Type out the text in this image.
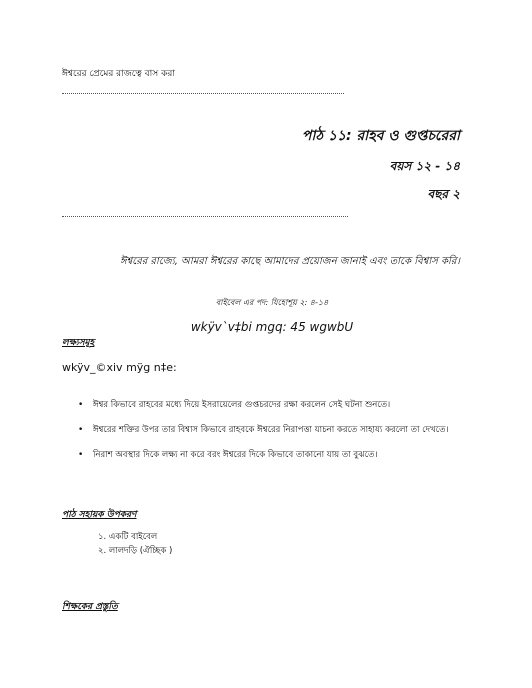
ঈশ্বরের প্রেমের রাজত্বে বাস করা
পাঠ ১১: রাহব ও গুপ্তচরেরা
বয়স ১২ - ১৪
বছর ২
ঈশ্বরের রাজ্যে, আমরা ঈশ্বরের কাছে আমাদের প্রয়োজন জানাই এবং তাকে বিশ্বাস করি।
বাইবেল এর পদ: যিহোশূয় ২: ৪-১৪
wkÿv`v‡bi mgq: 45 wgwbU
লক্ষ্যসমূহ
wkÿv_©xiv mÿg n‡e:
• ঈশ্বর কিভাবে রাহবের মধ্যে দিয়ে ইসরায়েলের গুপ্তচরদের রক্ষা করলেন সেই ঘটনা শুনতে।
• ঈশ্বরের শক্তির উপর তার বিশ্বাস কিভাবে রাহবকে ঈশ্বরের নিরাপত্তা যাচনা করতে সাহায্য করলো তা দেখতে।
• নিরাশ অবস্থার দিকে লক্ষ্য না করে বরং ঈশ্বরের দিকে কিভাবে তাকানো যায় তা বুঝতে।
পাঠ সহায়ক উপকরণ
১. একটি বাইবেল
২. লালদড়ি (ঐচ্ছিক )
শিক্ষকের প্রস্তুতি
